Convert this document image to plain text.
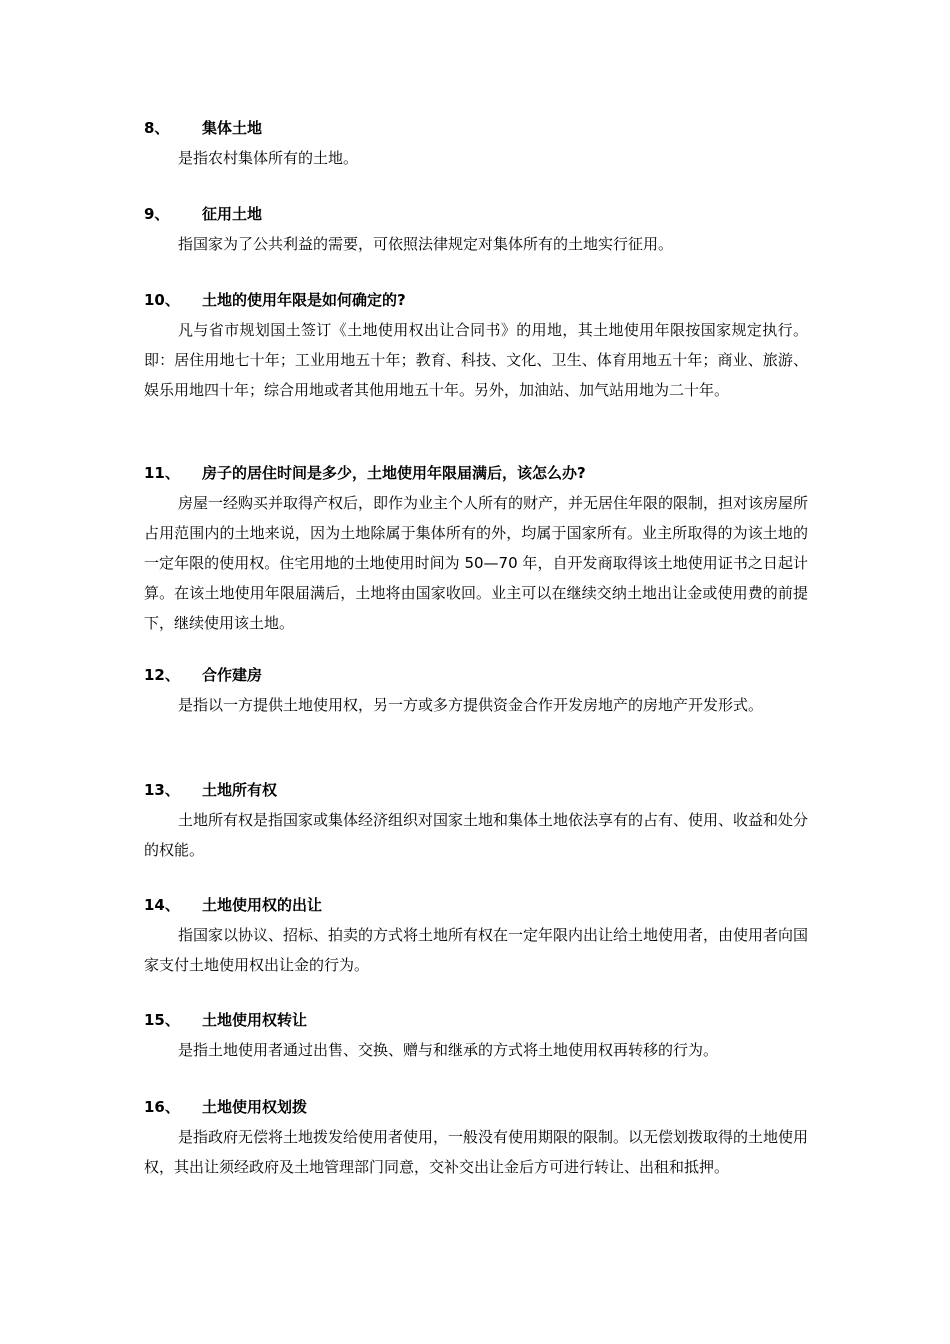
8、 集体土地
是指农村集体所有的土地。
9、 征用土地
指国家为了公共利益的需要，可依照法律规定对集体所有的土地实行征用。
10、 土地的使用年限是如何确定的?
凡与省市规划国土签订《土地使用权出让合同书》的用地，其土地使用年限按国家规定执行。即：居住用地七十年；工业用地五十年；教育、科技、文化、卫生、体育用地五十年；商业、旅游、娱乐用地四十年；综合用地或者其他用地五十年。另外，加油站、加气站用地为二十年。
11、 房子的居住时间是多少，土地使用年限届满后，该怎么办?
房屋一经购买并取得产权后，即作为业主个人所有的财产，并无居住年限的限制，担对该房屋所占用范围内的土地来说，因为土地除属于集体所有的外，均属于国家所有。业主所取得的为该土地的一定年限的使用权。住宅用地的土地使用时间为 50—70 年，自开发商取得该土地使用证书之日起计算。在该土地使用年限届满后，土地将由国家收回。业主可以在继续交纳土地出让金或使用费的前提下，继续使用该土地。
12、 合作建房
是指以一方提供土地使用权，另一方或多方提供资金合作开发房地产的房地产开发形式。
13、 土地所有权
土地所有权是指国家或集体经济组织对国家土地和集体土地依法享有的占有、使用、收益和处分的权能。
14、 土地使用权的出让
指国家以协议、招标、拍卖的方式将土地所有权在一定年限内出让给土地使用者，由使用者向国家支付土地使用权出让金的行为。
15、 土地使用权转让
是指土地使用者通过出售、交换、赠与和继承的方式将土地使用权再转移的行为。
16、 土地使用权划拨
是指政府无偿将土地拨发给使用者使用，一般没有使用期限的限制。以无偿划拨取得的土地使用权，其出让须经政府及土地管理部门同意，交补交出让金后方可进行转让、出租和抵押。
